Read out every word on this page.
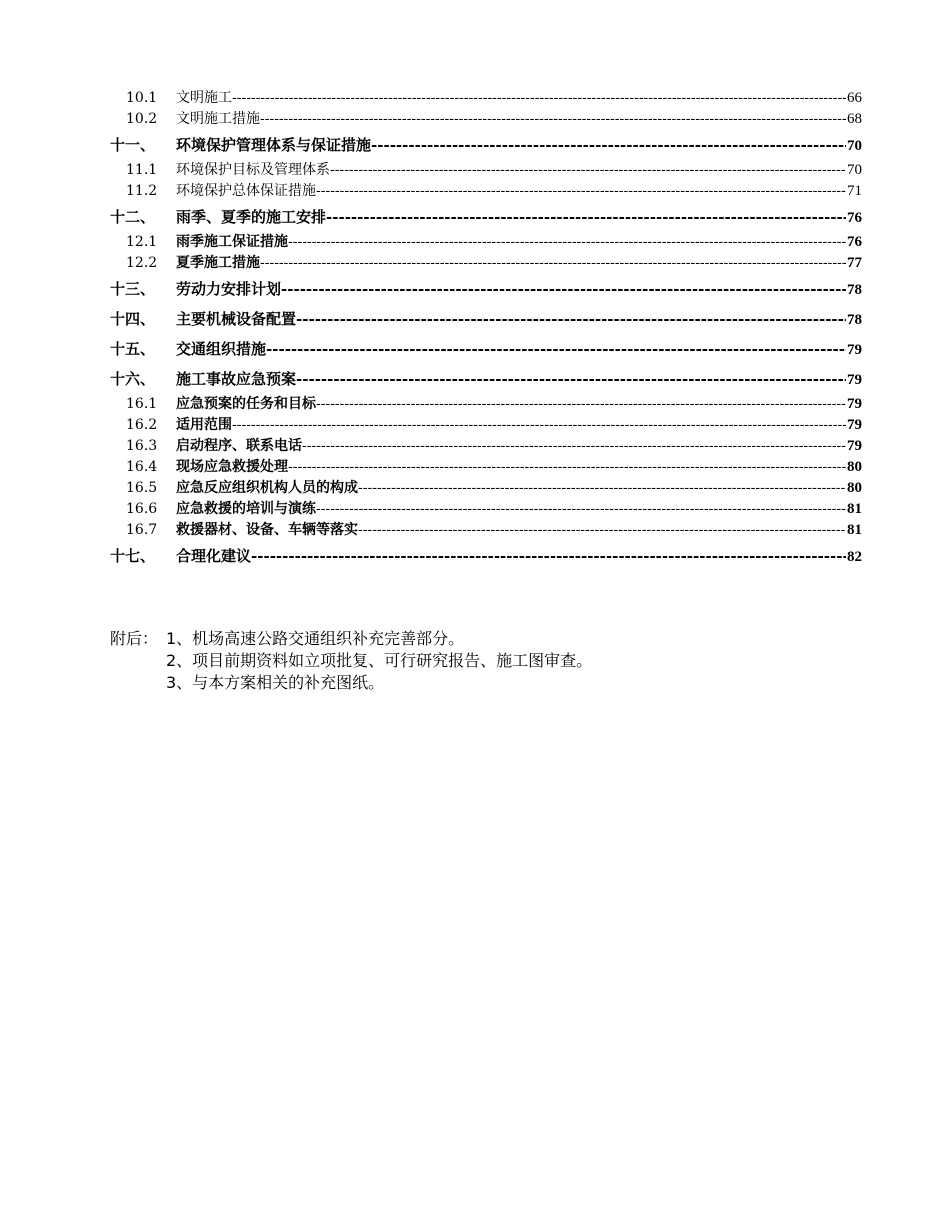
10.1	文明施工 -----	66
10.2	文明施工措施 -----	68
十一、	环境保护管理体系与保证措施 -----	70
11.1	环境保护目标及管理体系 -----	70
11.2	环境保护总体保证措施 -----	71
十二、	雨季、夏季的施工安排 -----	76
12.1	雨季施工保证措施 -----	76
12.2	夏季施工措施 -----	77
十三、	劳动力安排计划 -----	78
十四、	主要机械设备配置 -----	78
十五、	交通组织措施 -----	79
十六、	施工事故应急预案 -----	79
16.1	应急预案的任务和目标 -----	79
16.2	适用范围 -----	79
16.3	启动程序、联系电话 -----	79
16.4	现场应急救援处理 -----	80
16.5	应急反应组织机构人员的构成 -----	80
16.6	应急救援的培训与演练 -----	81
16.7	救援器材、设备、车辆等落实 -----	81
十七、	合理化建议 -----	82
附后： 1、机场高速公路交通组织补充完善部分。
2、项目前期资料如立项批复、可行研究报告、施工图审查。
3、与本方案相关的补充图纸。
